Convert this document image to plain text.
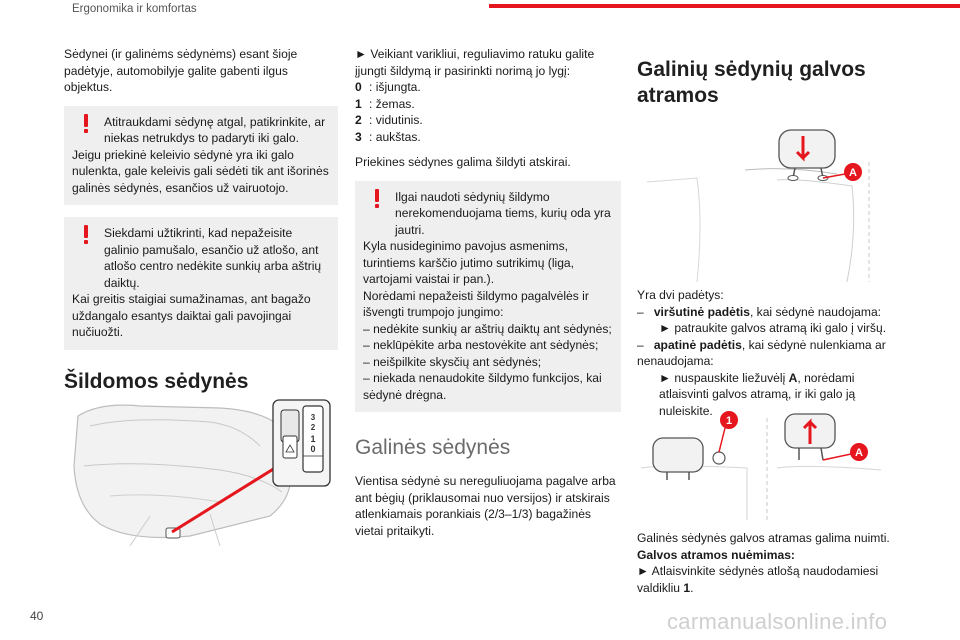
Ergonomika ir komfortas

Sėdynei (ir galinėms sėdynėms) esant šioje padėtyje, automobilyje galite gabenti ilgus objektus.

Atitraukdami sėdynę atgal, patikrinkite, ar niekas netrukdys to padaryti iki galo.

Jeigu priekinė keleivio sėdynė yra iki galo nulenkta, gale keleivis gali sėdėti tik ant išorinės galinės sėdynės, esančios už vairuotojo.

Siekdami užtikrinti, kad nepažeisite galinio pamušalo, esančio už atlošo, ant atlošo centro nedėkite sunkių arba aštrių daiktų.

Kai greitis staigiai sumažinamas, ant bagažo uždangalo esantys daiktai gali pavojingai nučiuožti.

Šildomos sėdynės
3
2
1
0

► Veikiant varikliui, reguliavimo ratuku galite įjungti šildymą ir pasirinkti norimą jo lygį:

0 : išjungta.
1 : žemas.
2 : vidutinis.
3 : aukštas.

Priekines sėdynes galima šildyti atskirai.

Ilgai naudoti sėdynių šildymo nerekomenduojama tiems, kurių oda yra jautri.

Kyla nusideginimo pavojus asmenims, turintiems karščio jutimo sutrikimų (liga, vartojami vaistai ir pan.).

Norėdami nepažeisti šildymo pagalvėlės ir išvengti trumpojo jungimo:

– nedėkite sunkių ar aštrių daiktų ant sėdynės;

– neklūpėkite arba nestovėkite ant sėdynės;

– neišpilkite skysčių ant sėdynės;

– niekada nenaudokite šildymo funkcijos, kai sėdynė drėgna.

Galinės sėdynės

Vientisa sėdynė su nereguliuojama pagalve arba ant bėgių (priklausomai nuo versijos) ir atskirais atlenkiamais porankiais (2/3–1/3) bagažinės vietai pritaikyti.

Galinių sėdynių galvos atramos
A

Yra dvi padėtys:

– viršutinė padėtis, kai sėdynė naudojama:

► patraukite galvos atramą iki galo į viršų.

– apatinė padėtis, kai sėdynė nulenkiama ar nenaudojama:

► nuspauskite liežuvėlį A, norėdami atlaisvinti galvos atramą, ir iki galo ją nuleiskite.

1
A

Galinės sėdynės galvos atramas galima nuimti.

Galvos atramos nuėmimas:

► Atlaisvinkite sėdynės atlošą naudodamiesi valdikliu 1.

40	carmanualsonline.info
